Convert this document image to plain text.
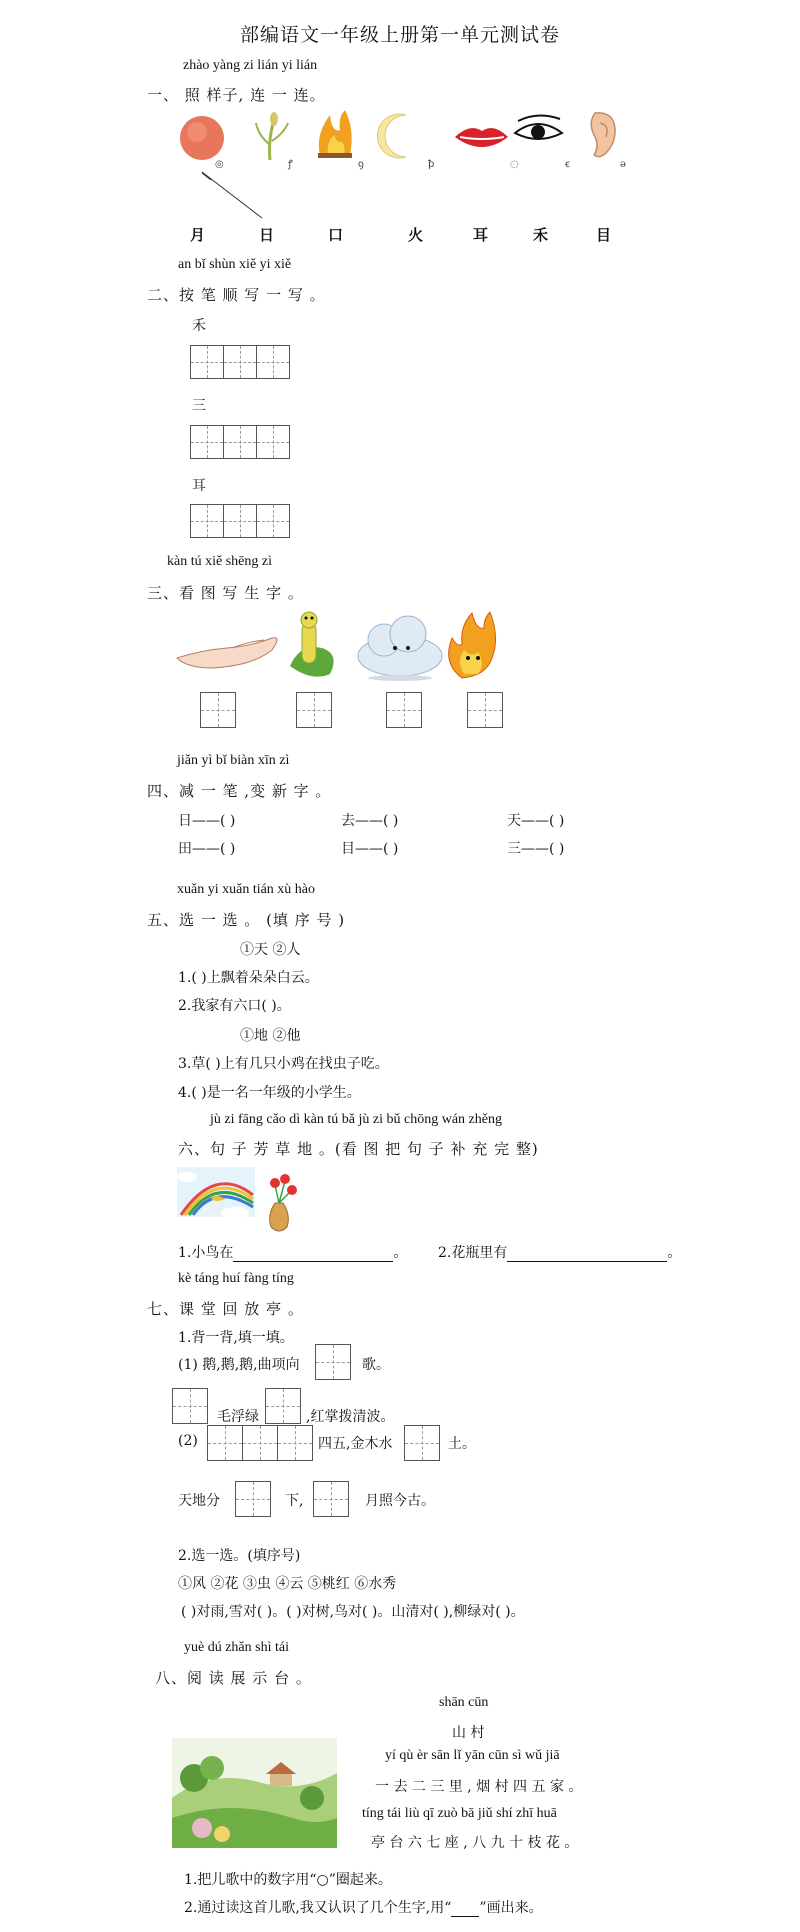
部编语文一年级上册第一单元测试卷
zhào yàng zi lián yi lián
一、 照 样子, 连 一 连。
◎	ꝭ	ꝯ	ꝥ	◌	ꞓ	ə
月	日	口	火	耳	禾	目
an bǐ shùn xiě yi xiě
二、按 笔 顺 写 一 写 。
禾
三
耳
kàn tú xiě shēng zì
三、看 图 写 生 字 。
jiǎn yì bǐ biàn xīn zì
四、减 一 笔 ,变 新 字 。
日——( )	去——( )	天——( )
田——( )	目——( )	三——( )
xuǎn yi xuǎn tián xù hào
五、选 一 选 。 (填 序 号 )
①天 ②人
1.( )上飘着朵朵白云。
2.我家有六口( )。
①地 ②他
3.草( )上有几只小鸡在找虫子吃。
4.( )是一名一年级的小学生。
jù zi fāng cǎo dì kàn tú bǎ jù zi bǔ chōng wán zhěng
六、句 子 芳 草 地 。(看 图 把 句 子 补 充 完 整)
1.小鸟在	。 2.花瓶里有	。
kè táng huí fàng tíng
七、课 堂 回 放 亭 。
1.背一背,填一填。
(1) 鹅,鹅,鹅,曲项向	歌。
毛浮绿	,红掌拨清波。
(2)	四五,金木水	土。
天地分	下,	月照今古。
2.选一选。(填序号)
①风 ②花 ③虫 ④云 ⑤桃红 ⑥水秀
( )对雨,雪对( )。( )对树,鸟对( )。山清对( ),柳绿对( )。
yuè dú zhǎn shì tái
八、阅 读 展 示 台 。
shān cūn
山 村
yí qù èr sān lǐ yān cūn sì wǔ jiā
一 去 二 三 里 , 烟 村 四 五 家 。
tíng tái liù qī zuò bā jiǔ shí zhī huā
亭 台 六 七 座 , 八 九 十 枝 花 。
1.把儿歌中的数字用“○”圈起来。
2.通过读这首儿歌,我又认识了几个生字,用“ ”画出来。
